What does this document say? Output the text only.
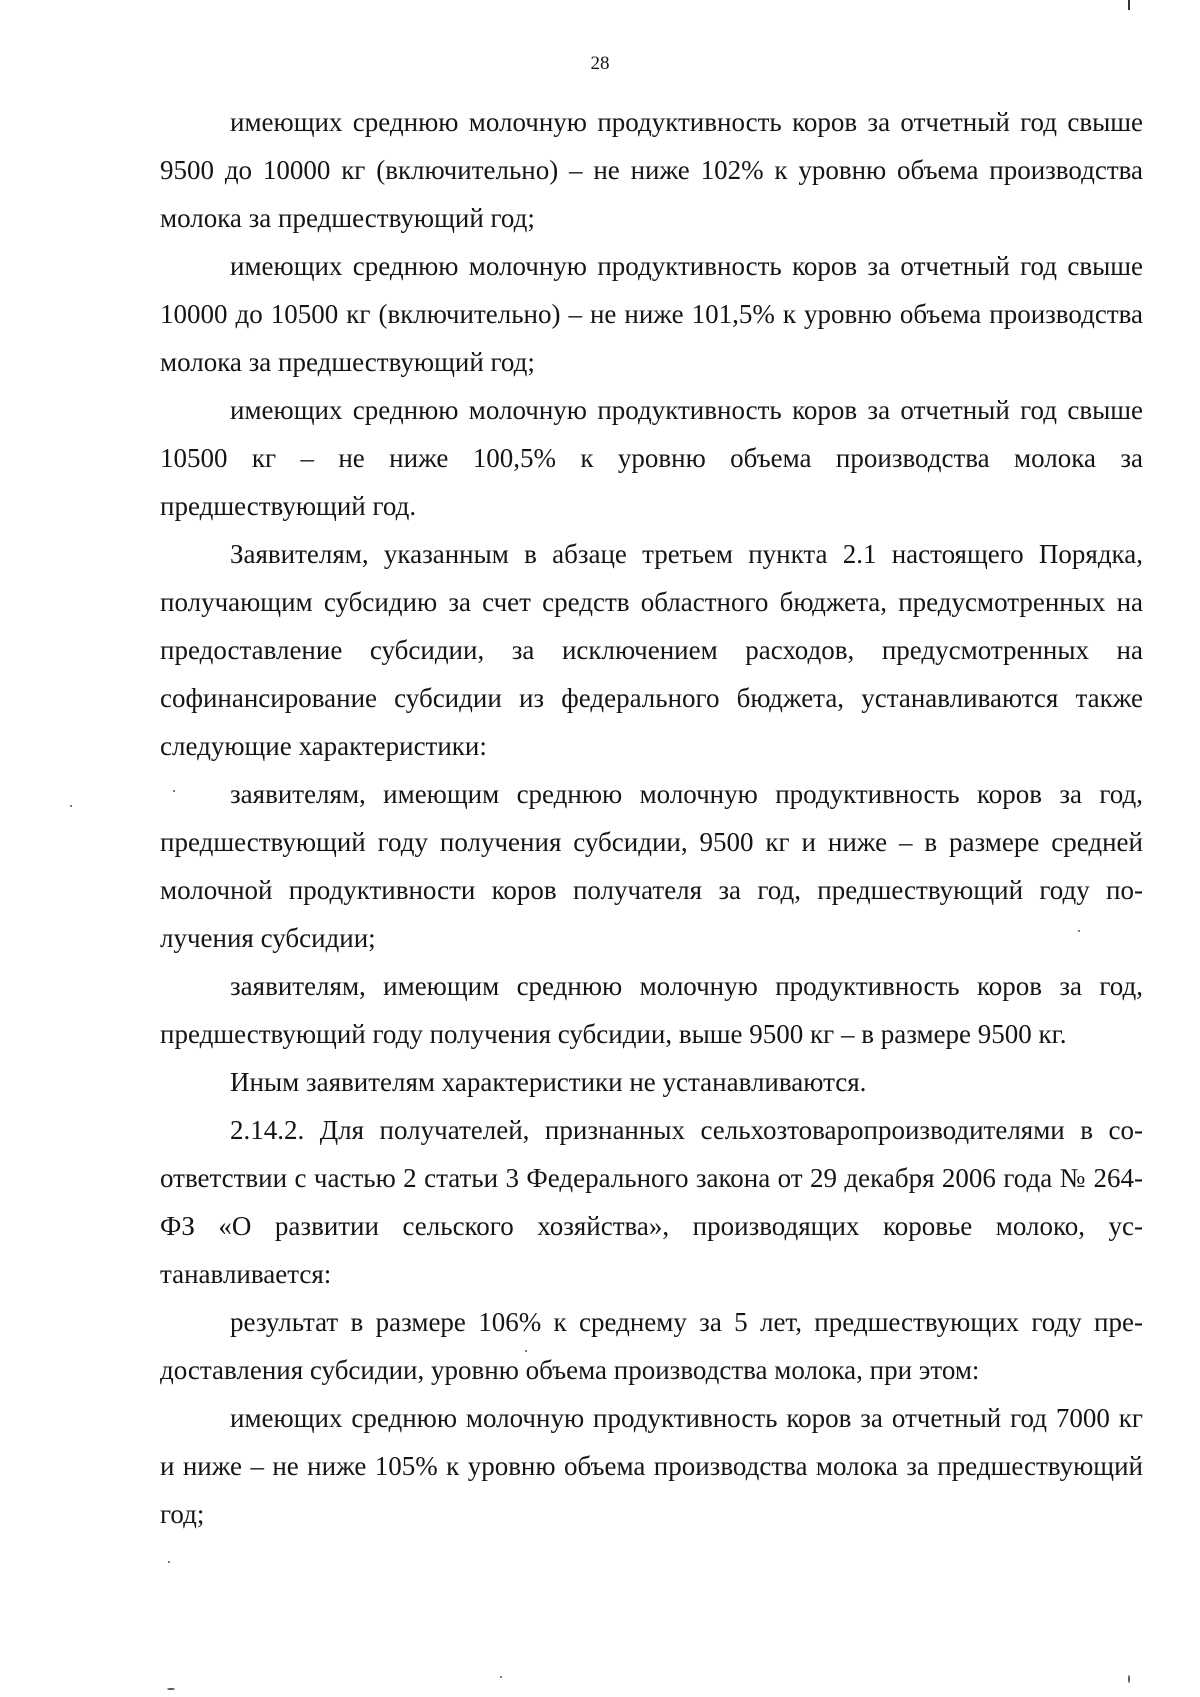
28

имеющих среднюю молочную продуктивность коров за отчетный год свыше 9500 до 10000 кг (включительно) – не ниже 102% к уровню объема производства молока за предшествующий год;

имеющих среднюю молочную продуктивность коров за отчетный год свыше 10000 до 10500 кг (включительно) – не ниже 101,5% к уровню объема производства молока за предшествующий год;

имеющих среднюю молочную продуктивность коров за отчетный год свыше 10500 кг – не ниже 100,5% к уровню объема производства молока за предшествующий год.

Заявителям, указанным в абзаце третьем пункта 2.1 настоящего Порядка, получающим субсидию за счет средств областного бюджета, предусмотренных на предоставление субсидии, за исключением расходов, предусмотренных на софинансирование субсидии из федерального бюджета, устанавливаются также следующие характеристики:

заявителям, имеющим среднюю молочную продуктивность коров за год, предшествующий году получения субсидии, 9500 кг и ниже – в размере средней молочной продуктивности коров получателя за год, предшествующий году получения субсидии;

заявителям, имеющим среднюю молочную продуктивность коров за год, предшествующий году получения субсидии, выше 9500 кг – в размере 9500 кг.

Иным заявителям характеристики не устанавливаются.

2.14.2. Для получателей, признанных сельхозтоваропроизводителями в соответствии с частью 2 статьи 3 Федерального закона от 29 декабря 2006 года № 264-ФЗ «О развитии сельского хозяйства», производящих коровье молоко, устанавливается:

результат в размере 106% к среднему за 5 лет, предшествующих году предоставления субсидии, уровню объема производства молока, при этом:

имеющих среднюю молочную продуктивность коров за отчетный год 7000 кг и ниже – не ниже 105% к уровню объема производства молока за предшествующий год;
